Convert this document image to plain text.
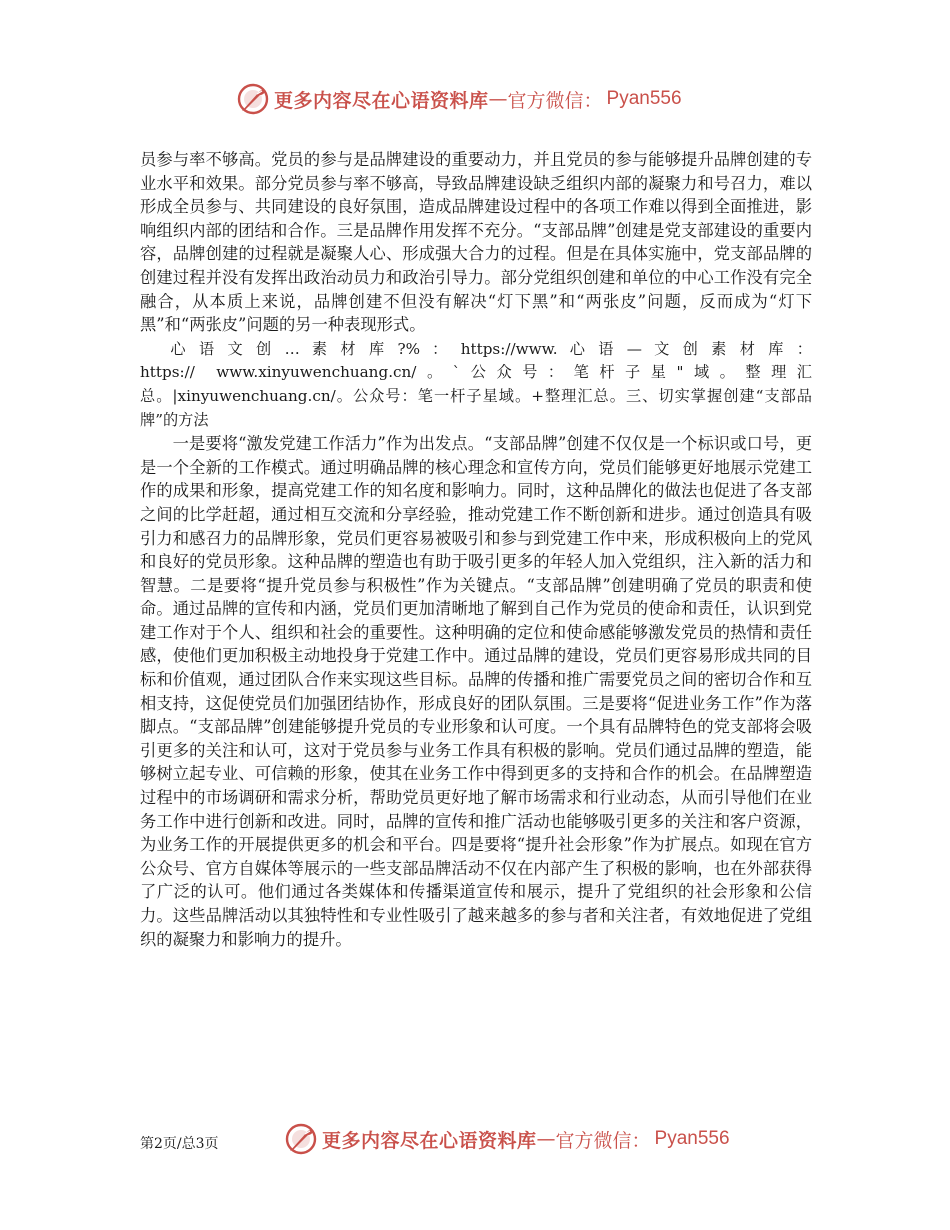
更多内容尽在心语资料库 — 官方微信： Pyan556

员参与率不够高。党员的参与是品牌建设的重要动力，并且党员的参与能够提升品牌创建的专业水平和效果。部分党员参与率不够高，导致品牌建设缺乏组织内部的凝聚力和号召力，难以形成全员参与、共同建设的良好氛围，造成品牌建设过程中的各项工作难以得到全面推进，影响组织内部的团结和合作。三是品牌作用发挥不充分。“支部品牌”创建是党支部建设的重要内容，品牌创建的过程就是凝聚人心、形成强大合力的过程。但是在具体实施中，党支部品牌的创建过程并没有发挥出政治动员力和政治引导力。部分党组织创建和单位的中心工作没有完全融合，从本质上来说，品牌创建不但没有解决“灯下黑”和“两张皮”问题，反而成为“灯下黑”和“两张皮”问题的另一种表现形式。

心 语 文 创 … 素 材 库 ?% ： https://www. 心 语 — 文 创 素 材 库 ： https:// www.xinyuwenchuang.cn/。`公众号：笔杆子星"域。整理汇总。|xinyuwenchuang.cn/。公众号：笔一杆子星域。+整理汇总。三、切实掌握创建“支部品牌”的方法

一是要将“激发党建工作活力”作为出发点。“支部品牌”创建不仅仅是一个标识或口号，更是一个全新的工作模式。通过明确品牌的核心理念和宣传方向，党员们能够更好地展示党建工作的成果和形象，提高党建工作的知名度和影响力。同时，这种品牌化的做法也促进了各支部之间的比学赶超，通过相互交流和分享经验，推动党建工作不断创新和进步。通过创造具有吸引力和感召力的品牌形象，党员们更容易被吸引和参与到党建工作中来，形成积极向上的党风和良好的党员形象。这种品牌的塑造也有助于吸引更多的年轻人加入党组织，注入新的活力和智慧。二是要将“提升党员参与积极性”作为关键点。“支部品牌”创建明确了党员的职责和使命。通过品牌的宣传和内涵，党员们更加清晰地了解到自己作为党员的使命和责任，认识到党建工作对于个人、组织和社会的重要性。这种明确的定位和使命感能够激发党员的热情和责任感，使他们更加积极主动地投身于党建工作中。通过品牌的建设，党员们更容易形成共同的目标和价值观，通过团队合作来实现这些目标。品牌的传播和推广需要党员之间的密切合作和互相支持，这促使党员们加强团结协作，形成良好的团队氛围。三是要将“促进业务工作”作为落脚点。“支部品牌”创建能够提升党员的专业形象和认可度。一个具有品牌特色的党支部将会吸引更多的关注和认可，这对于党员参与业务工作具有积极的影响。党员们通过品牌的塑造，能够树立起专业、可信赖的形象，使其在业务工作中得到更多的支持和合作的机会。在品牌塑造过程中的市场调研和需求分析，帮助党员更好地了解市场需求和行业动态，从而引导他们在业务工作中进行创新和改进。同时，品牌的宣传和推广活动也能够吸引更多的关注和客户资源，为业务工作的开展提供更多的机会和平台。四是要将“提升社会形象”作为扩展点。如现在官方公众号、官方自媒体等展示的一些支部品牌活动不仅在内部产生了积极的影响，也在外部获得了广泛的认可。他们通过各类媒体和传播渠道宣传和展示，提升了党组织的社会形象和公信力。这些品牌活动以其独特性和专业性吸引了越来越多的参与者和关注者，有效地促进了党组织的凝聚力和影响力的提升。

更多内容尽在心语资料库 — 官方微信： Pyan556
第2页/总3页
